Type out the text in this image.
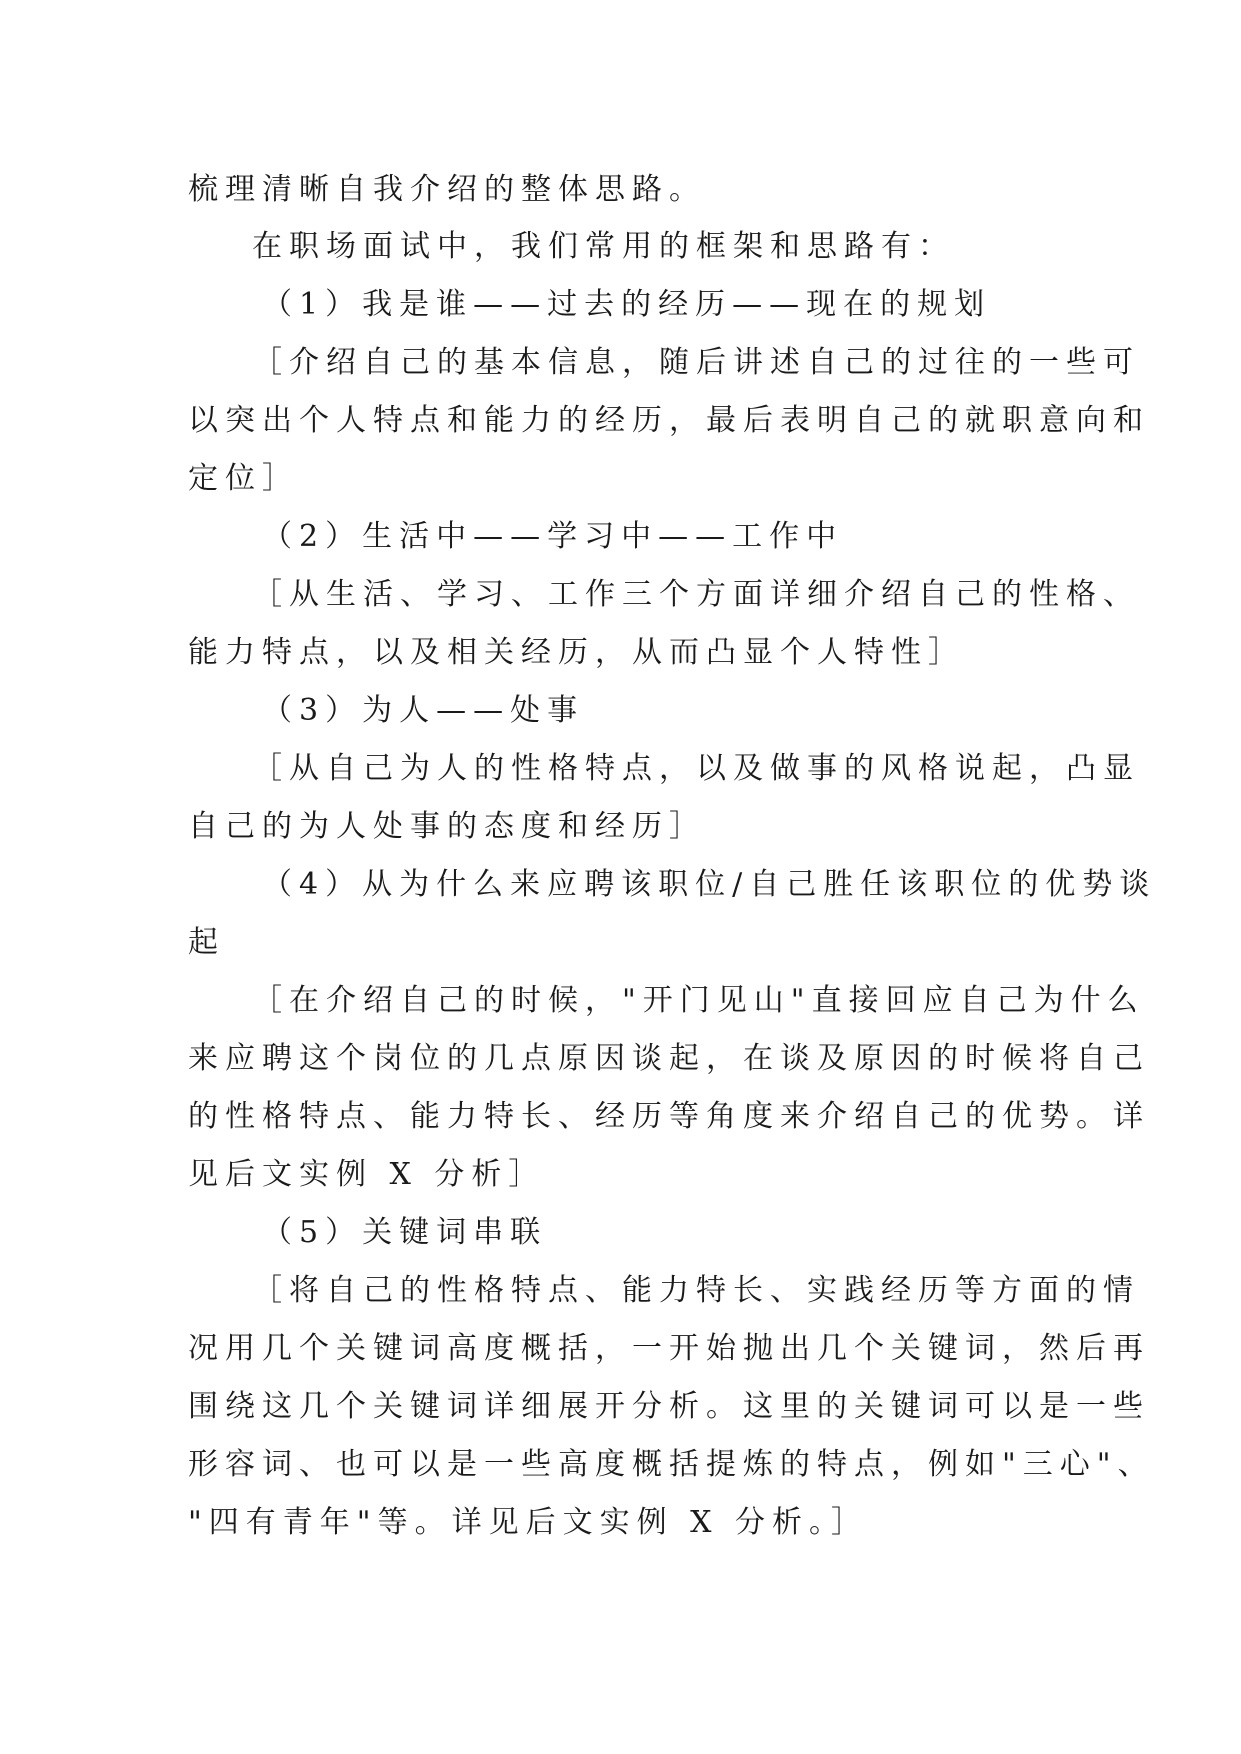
梳理清晰自我介绍的整体思路。
在职场面试中，我们常用的框架和思路有：
（1）我是谁——过去的经历——现在的规划
［介绍自己的基本信息，随后讲述自己的过往的一些可
以突出个人特点和能力的经历，最后表明自己的就职意向和
定位］
（2）生活中——学习中——工作中
［从生活、学习、工作三个方面详细介绍自己的性格、
能力特点，以及相关经历，从而凸显个人特性］
（3）为人——处事
［从自己为人的性格特点，以及做事的风格说起，凸显
自己的为人处事的态度和经历］
（4）从为什么来应聘该职位/自己胜任该职位的优势谈
起
［在介绍自己的时候，"开门见山"直接回应自己为什么
来应聘这个岗位的几点原因谈起，在谈及原因的时候将自己
的性格特点、能力特长、经历等角度来介绍自己的优势。详
见后文实例 X 分析］
（5）关键词串联
［将自己的性格特点、能力特长、实践经历等方面的情
况用几个关键词高度概括，一开始抛出几个关键词，然后再
围绕这几个关键词详细展开分析。这里的关键词可以是一些
形容词、也可以是一些高度概括提炼的特点，例如"三心"、
"四有青年"等。详见后文实例 X 分析。］
